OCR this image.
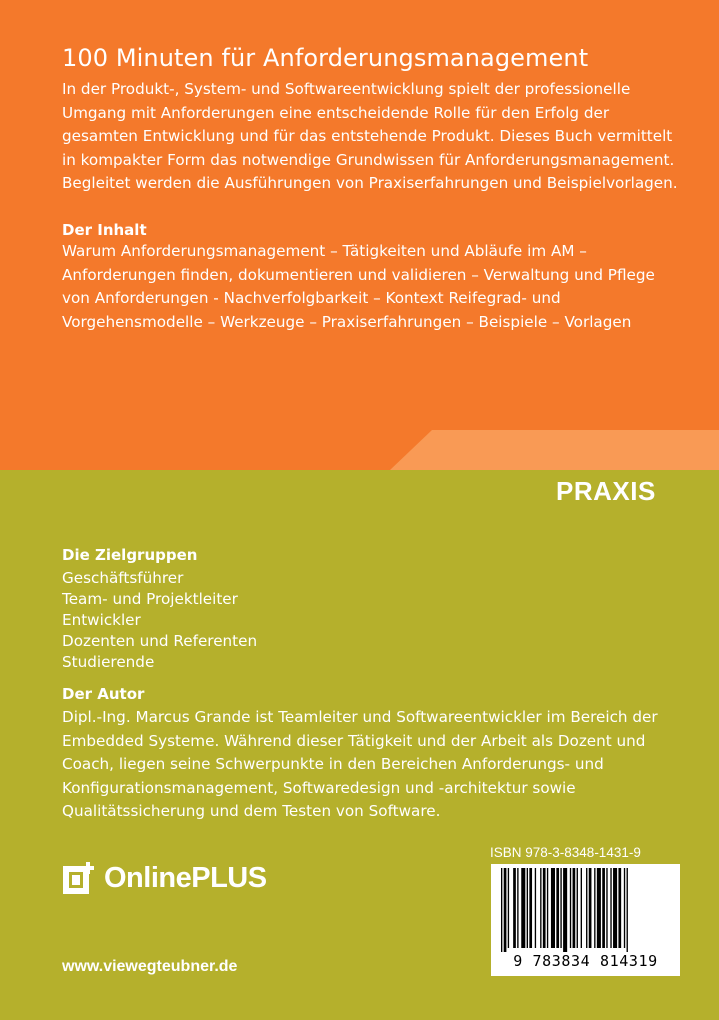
100 Minuten für Anforderungsmanagement
In der Produkt-, System- und Softwareentwicklung spielt der professionelle Umgang mit Anforderungen eine entscheidende Rolle für den Erfolg der gesamten Entwicklung und für das entstehende Produkt. Dieses Buch vermittelt in kompakter Form das notwendige Grundwissen für Anforderungsmanagement. Begleitet werden die Ausführungen von Praxiserfahrungen und Beispielvorlagen.
Der Inhalt
Warum Anforderungsmanagement – Tätigkeiten und Abläufe im AM – Anforderungen finden, dokumentieren und validieren – Verwaltung und Pflege von Anforderungen - Nachverfolgbarkeit – Kontext Reifegrad- und Vorgehensmodelle – Werkzeuge – Praxiserfahrungen – Beispiele – Vorlagen
PRAXIS
Die Zielgruppen
Geschäftsführer
Team- und Projektleiter
Entwickler
Dozenten und Referenten
Studierende
Der Autor
Dipl.-Ing. Marcus Grande ist Teamleiter und Softwareentwickler im Bereich der Embedded Systeme. Während dieser Tätigkeit und der Arbeit als Dozent und Coach, liegen seine Schwerpunkte in den Bereichen Anforderungs- und Konfigurationsmanagement, Softwaredesign und -architektur sowie Qualitätssicherung und dem Testen von Software.
OnlinePLUS
ISBN 978-3-8348-1431-9
9 783834 814319
www.viewegteubner.de
